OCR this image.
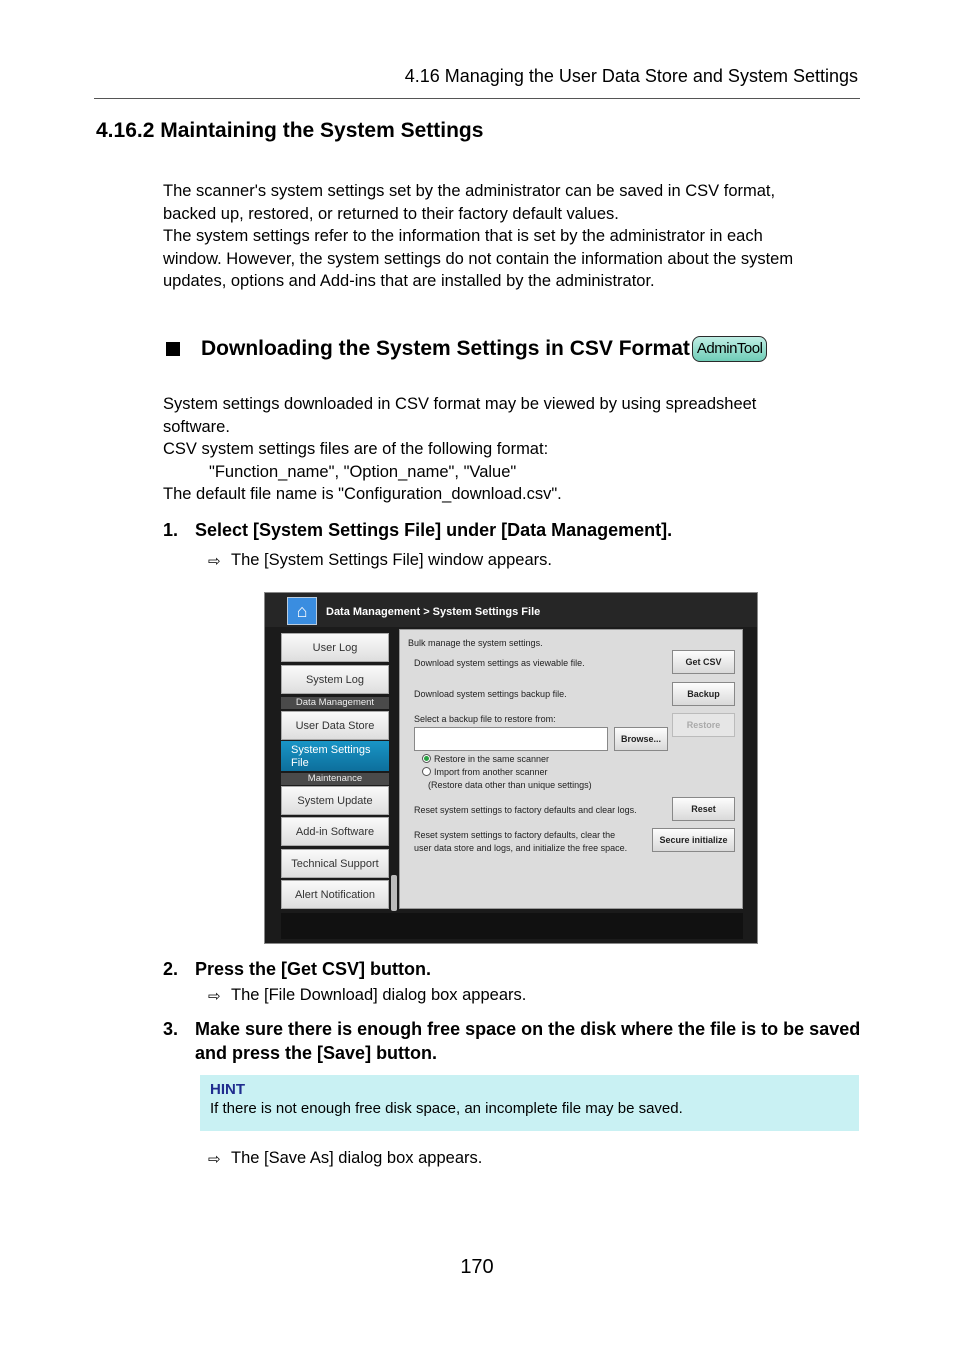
4.16 Managing the User Data Store and System Settings
4.16.2 Maintaining the System Settings

The scanner's system settings set by the administrator can be saved in CSV format,

backed up, restored, or returned to their factory default values.

The system settings refer to the information that is set by the administrator in each

window. However, the system settings do not contain the information about the system

updates, options and Add-ins that are installed by the administrator.

Downloading the System Settings in CSV Format AdminTool

System settings downloaded in CSV format may be viewed by using spreadsheet

software.

CSV system settings files are of the following format:

"Function_name", "Option_name", "Value"

The default file name is "Configuration_download.csv".

1. Select [System Settings File] under [Data Management].
⇨ The [System Settings File] window appears.
⌂	Data Management > System Settings File
User Log
System Log
Data Management
User Data Store
System Settings File
Maintenance
System Update
Add-in Software
Technical Support
Alert Notification
Bulk manage the system settings.
Download system settings as viewable file.	Get CSV
Download system settings backup file.	Backup
Select a backup file to restore from:
Restore
Browse...
Restore in the same scanner
Import from another scanner
(Restore data other than unique settings)
Reset system settings to factory defaults and clear logs.	Reset
Reset system settings to factory defaults, clear the
user data store and logs, and initialize the free space.
Secure initialize
2. Press the [Get CSV] button.
⇨ The [File Download] dialog box appears.
3. Make sure there is enough free space on the disk where the file is to be saved and press the [Save] button.
HINT
If there is not enough free disk space, an incomplete file may be saved.
⇨ The [Save As] dialog box appears.
170
